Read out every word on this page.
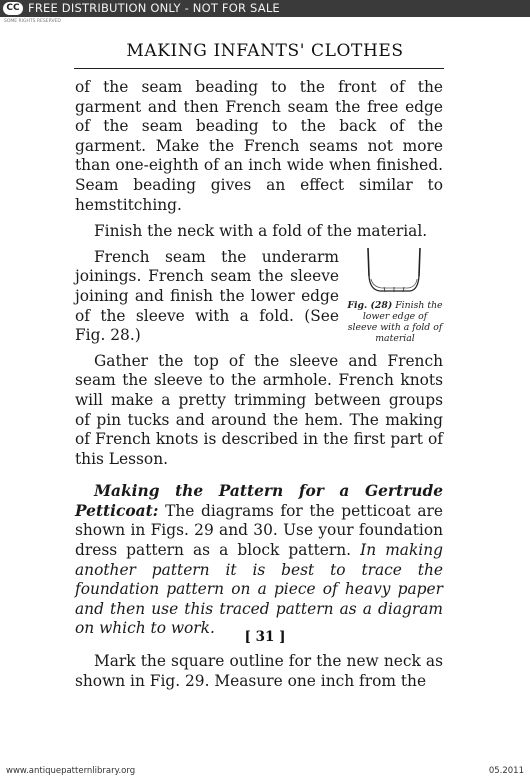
CC FREE DISTRIBUTION ONLY - NOT FOR SALE
SOME RIGHTS RESERVED
MAKING INFANTS' CLOTHES

of the seam beading to the front of the garment and then French seam the free edge of the seam beading to the back of the garment. Make the French seams not more than one-eighth of an inch wide when finished. Seam beading gives an effect similar to hemstitching.

Finish the neck with a fold of the material.

Fig. (28) Finish the lower edge of sleeve with a fold of material

French seam the underarm joinings. French seam the sleeve joining and finish the lower edge of the sleeve with a fold. (See Fig. 28.)

Gather the top of the sleeve and French seam the sleeve to the armhole. French knots will make a pretty trimming between groups of pin tucks and around the hem. The making of French knots is described in the first part of this Lesson.

Making the Pattern for a Gertrude Petticoat: The diagrams for the petticoat are shown in Figs. 29 and 30. Use your foundation dress pattern as a block pattern. In making another pattern it is best to trace the foundation pattern on a piece of heavy paper and then use this traced pattern as a diagram on which to work.

Mark the square outline for the new neck as shown in Fig. 29. Measure one inch from the

[ 31 ]
www.antiquepatternlibrary.org	05.2011
